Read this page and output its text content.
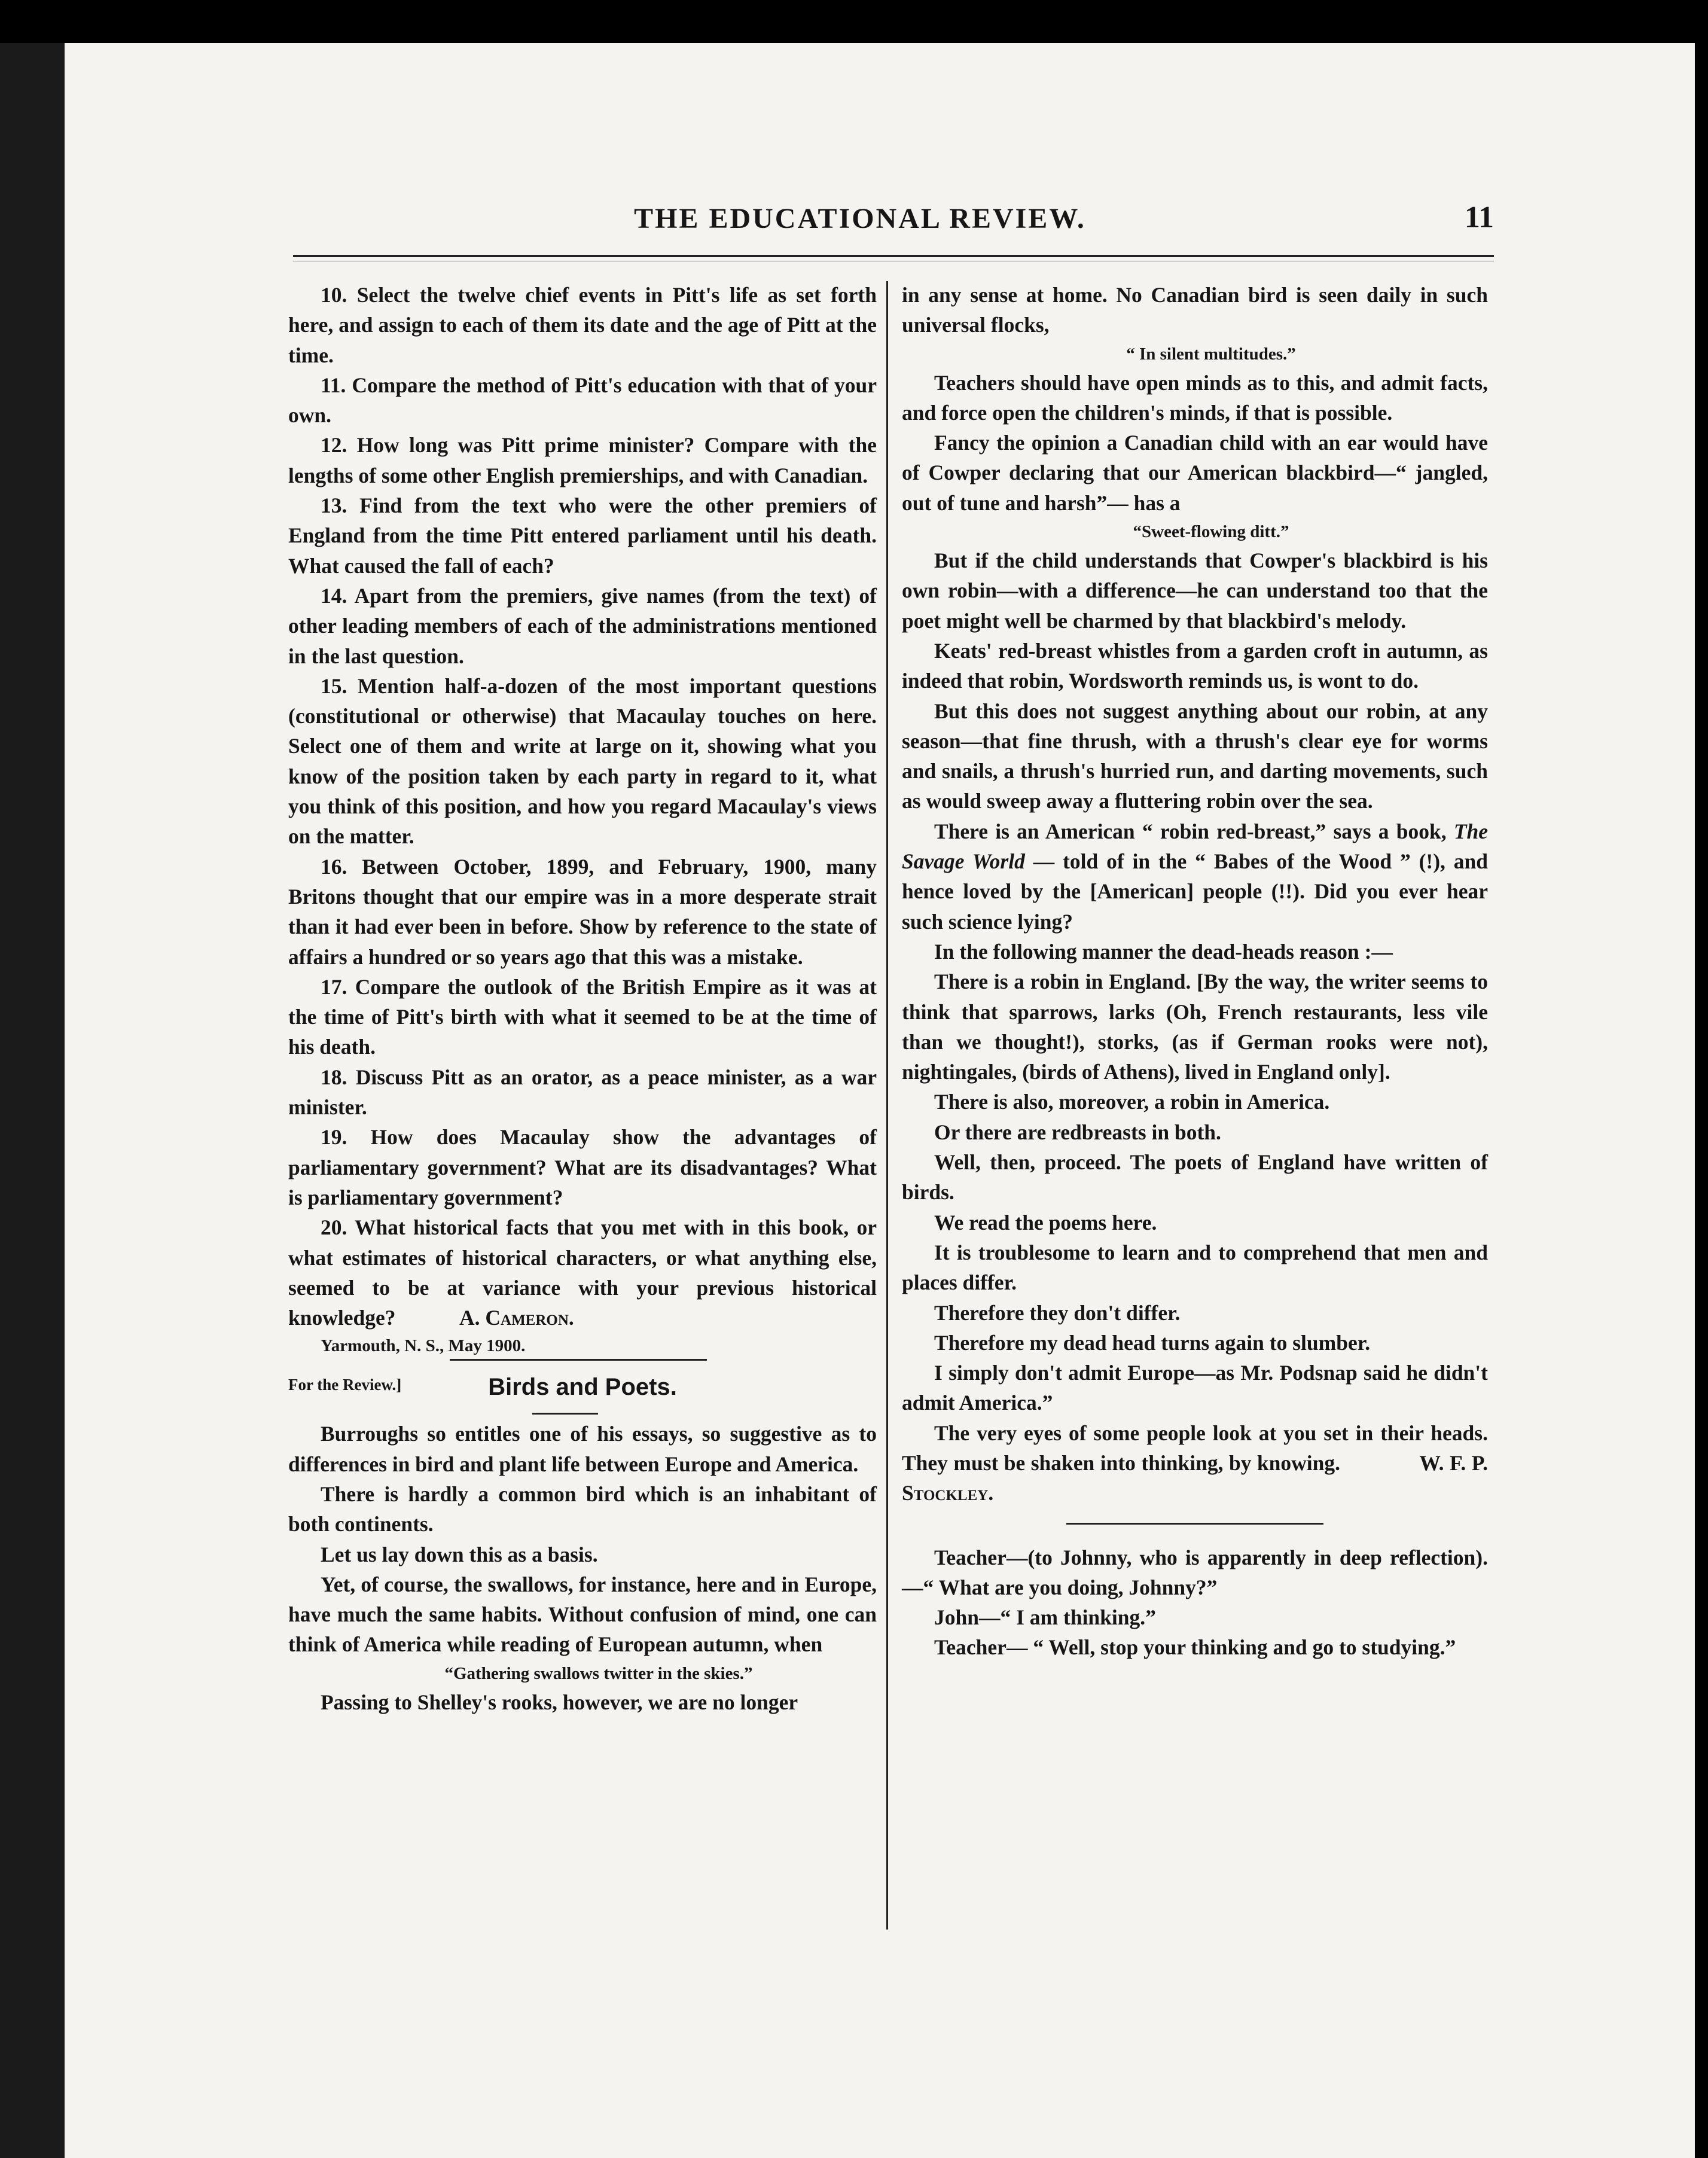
THE EDUCATIONAL REVIEW.	11

10. Select the twelve chief events in Pitt's life as set forth here, and assign to each of them its date and the age of Pitt at the time.

11. Compare the method of Pitt's education with that of your own.

12. How long was Pitt prime minister? Compare with the lengths of some other English premierships, and with Canadian.

13. Find from the text who were the other premiers of England from the time Pitt entered parliament until his death. What caused the fall of each?

14. Apart from the premiers, give names (from the text) of other leading members of each of the administrations mentioned in the last question.

15. Mention half-a-dozen of the most important questions (constitutional or otherwise) that Macaulay touches on here. Select one of them and write at large on it, showing what you know of the position taken by each party in regard to it, what you think of this position, and how you regard Macaulay's views on the matter.

16. Between October, 1899, and February, 1900, many Britons thought that our empire was in a more desperate strait than it had ever been in before. Show by reference to the state of affairs a hundred or so years ago that this was a mistake.

17. Compare the outlook of the British Empire as it was at the time of Pitt's birth with what it seemed to be at the time of his death.

18. Discuss Pitt as an orator, as a peace minister, as a war minister.

19. How does Macaulay show the advantages of parliamentary government? What are its disadvantages? What is parliamentary government?

20. What historical facts that you met with in this book, or what estimates of historical characters, or what anything else, seemed to be at variance with your previous historical knowledge?	A. Cameron.

Yarmouth, N. S., May 1900.

For the Review.]	Birds and Poets.

Burroughs so entitles one of his essays, so suggestive as to differences in bird and plant life between Europe and America.

There is hardly a common bird which is an inhabitant of both continents.

Let us lay down this as a basis.

Yet, of course, the swallows, for instance, here and in Europe, have much the same habits. Without confusion of mind, one can think of America while reading of European autumn, when

“Gathering swallows twitter in the skies.”

Passing to Shelley's rooks, however, we are no longer

in any sense at home. No Canadian bird is seen daily in such universal flocks,

“ In silent multitudes.”

Teachers should have open minds as to this, and admit facts, and force open the children's minds, if that is possible.

Fancy the opinion a Canadian child with an ear would have of Cowper declaring that our American blackbird—“ jangled, out of tune and harsh”— has a

“Sweet-flowing ditt.”

But if the child understands that Cowper's blackbird is his own robin—with a difference—he can understand too that the poet might well be charmed by that blackbird's melody.

Keats' red-breast whistles from a garden croft in autumn, as indeed that robin, Wordsworth reminds us, is wont to do.

But this does not suggest anything about our robin, at any season—that fine thrush, with a thrush's clear eye for worms and snails, a thrush's hurried run, and darting movements, such as would sweep away a fluttering robin over the sea.

There is an American “ robin red-breast,” says a book, The Savage World — told of in the “ Babes of the Wood ” (!), and hence loved by the [American] people (!!). Did you ever hear such science lying?

In the following manner the dead-heads reason :—

There is a robin in England. [By the way, the writer seems to think that sparrows, larks (Oh, French restaurants, less vile than we thought!), storks, (as if German rooks were not), nightingales, (birds of Athens), lived in England only].

There is also, moreover, a robin in America.

Or there are redbreasts in both.

Well, then, proceed. The poets of England have written of birds.

We read the poems here.

It is troublesome to learn and to comprehend that men and places differ.

Therefore they don't differ.

Therefore my dead head turns again to slumber.

I simply don't admit Europe—as Mr. Podsnap said he didn't admit America.”

The very eyes of some people look at you set in their heads. They must be shaken into thinking, by knowing.	W. F. P. Stockley.

Teacher—(to Johnny, who is apparently in deep reflection).—“ What are you doing, Johnny?”

John—“ I am thinking.”

Teacher— “ Well, stop your thinking and go to studying.”
